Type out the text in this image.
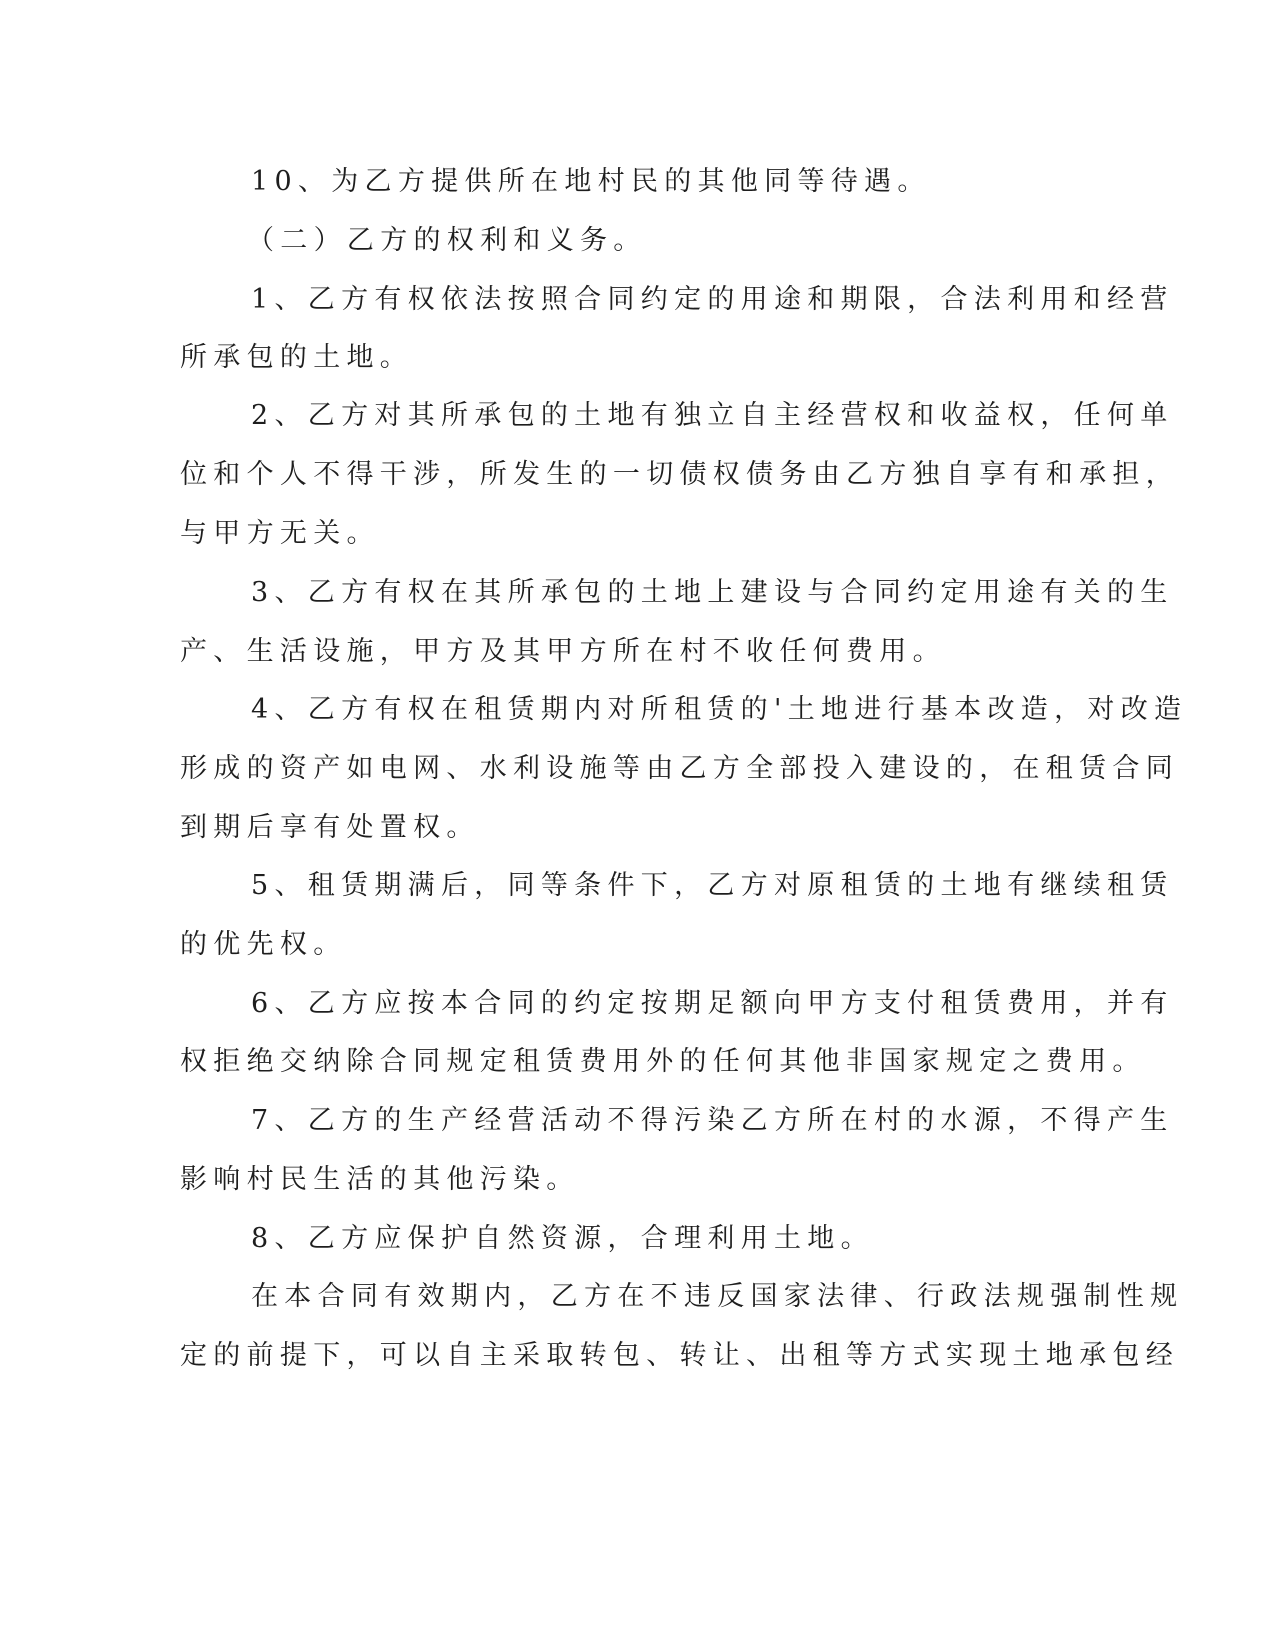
10、为乙方提供所在地村民的其他同等待遇。

（二）乙方的权利和义务。

1、乙方有权依法按照合同约定的用途和期限，合法利用和经营

所承包的土地。

2、乙方对其所承包的土地有独立自主经营权和收益权，任何单

位和个人不得干涉，所发生的一切债权债务由乙方独自享有和承担，

与甲方无关。

3、乙方有权在其所承包的土地上建设与合同约定用途有关的生

产、生活设施，甲方及其甲方所在村不收任何费用。

4、乙方有权在租赁期内对所租赁的'土地进行基本改造，对改造

形成的资产如电网、水利设施等由乙方全部投入建设的，在租赁合同

到期后享有处置权。

5、租赁期满后，同等条件下，乙方对原租赁的土地有继续租赁

的优先权。

6、乙方应按本合同的约定按期足额向甲方支付租赁费用，并有

权拒绝交纳除合同规定租赁费用外的任何其他非国家规定之费用。

7、乙方的生产经营活动不得污染乙方所在村的水源，不得产生

影响村民生活的其他污染。

8、乙方应保护自然资源，合理利用土地。

在本合同有效期内，乙方在不违反国家法律、行政法规强制性规

定的前提下，可以自主采取转包、转让、出租等方式实现土地承包经
